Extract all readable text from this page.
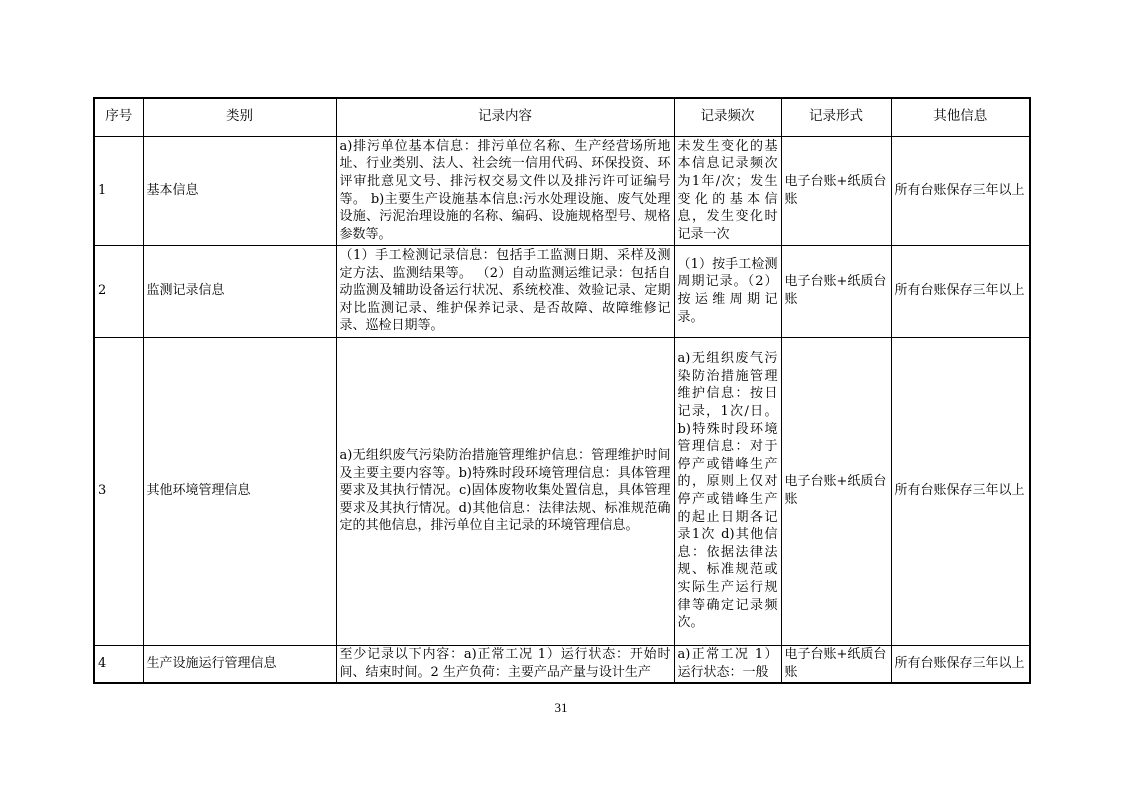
序号	类别	记录内容	记录频次	记录形式	其他信息
1	基本信息	a)排污单位基本信息：排污单位名称、生产经营场所地址、行业类别、法人、社会统一信用代码、环保投资、环评审批意见文号、排污权交易文件以及排污许可证编号等。 b)主要生产设施基本信息:污水处理设施、废气处理设施、污泥治理设施的名称、编码、设施规格型号、规格参数等。	未发生变化的基本信息记录频次为1年/次；发生变化的基本信息，发生变化时记录一次	电子台账+纸质台账	所有台账保存三年以上
2	监测记录信息	（1）手工检测记录信息：包括手工监测日期、采样及测定方法、监测结果等。 （2）自动监测运维记录：包括自动监测及辅助设备运行状况、系统校准、效验记录、定期对比监测记录、维护保养记录、是否故障、故障维修记录、巡检日期等。	（1）按手工检测周期记录。（2）按运维周期记录。	电子台账+纸质台账	所有台账保存三年以上
3	其他环境管理信息	a)无组织废气污染防治措施管理维护信息：管理维护时间及主要主要内容等。b)特殊时段环境管理信息：具体管理要求及其执行情况。c)固体废物收集处置信息，具体管理要求及其执行情况。d)其他信息：法律法规、标准规范确定的其他信息，排污单位自主记录的环境管理信息。	a)无组织废气污染防治措施管理维护信息：按日记录，1次/日。b)特殊时段环境管理信息：对于停产或错峰生产的，原则上仅对停产或错峰生产的起止日期各记录1次 d)其他信息：依据法律法规、标准规范或实际生产运行规律等确定记录频次。	电子台账+纸质台账	所有台账保存三年以上
4	生产设施运行管理信息	至少记录以下内容：a)正常工况 1）运行状态：开始时间、结束时间。2 生产负荷：主要产品产量与设计生产	a)正常工况 1）运行状态：一般	电子台账+纸质台账	所有台账保存三年以上
31
